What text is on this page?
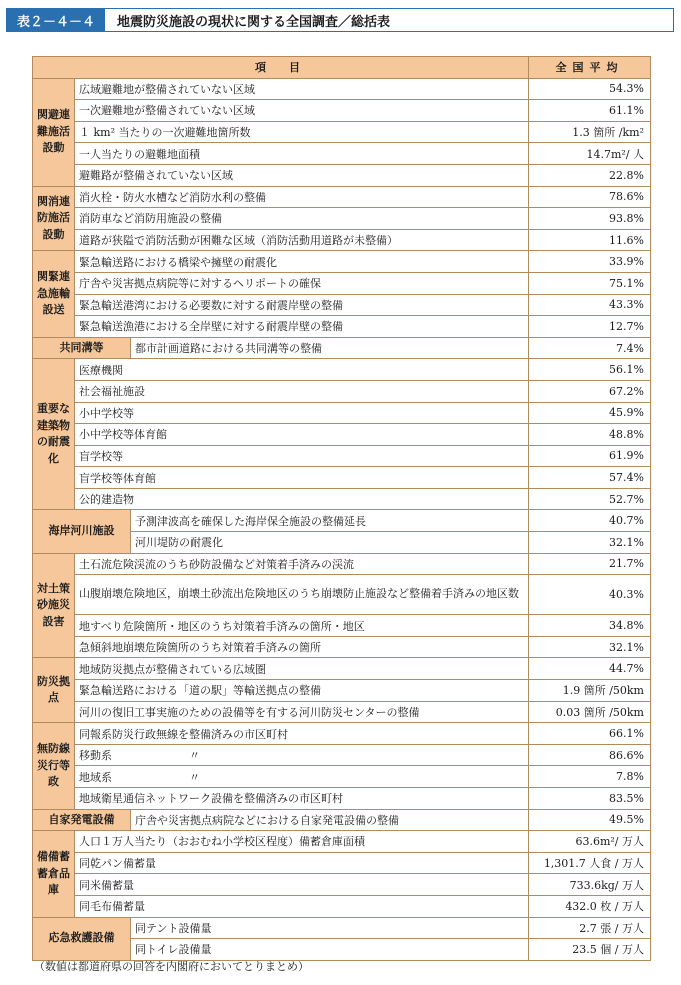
表２－４－４	地震防災施設の現状に関する全国調査／総括表
項　目			全国平均
関避連難施活設動	広域避難地が整備されていない区域		54.3%
	一次避難地が整備されていない区域		61.1%
	１ km² 当たりの一次避難地箇所数		1.3 箇所 /km²
	一人当たりの避難地面積		14.7m²/ 人
	避難路が整備されていない区域		22.8%
関消連防施活設動	消火栓・防火水槽など消防水利の整備		78.6%
	消防車など消防用施設の整備		93.8%
	道路が狭隘で消防活動が困難な区域（消防活動用道路が未整備）		11.6%
関緊連急施輸設送	緊急輸送路における橋梁や擁壁の耐震化		33.9%
	庁舎や災害拠点病院等に対するヘリポートの確保		75.1%
	緊急輸送港湾における必要数に対する耐震岸壁の整備		43.3%
	緊急輸送漁港における全岸壁に対する耐震岸壁の整備		12.7%
共同溝等		都市計画道路における共同溝等の整備	7.4%
重要な建築物の耐震化	医療機関		56.1%
	社会福祉施設		67.2%
	小中学校等		45.9%
	小中学校等体育館		48.8%
	盲学校等		61.9%
	盲学校等体育館		57.4%
	公的建造物		52.7%
海岸河川施設		予測津波高を確保した海岸保全施設の整備延長	40.7%
		河川堤防の耐震化	32.1%
対土策砂施災設害	土石流危険渓流のうち砂防設備など対策着手済みの渓流		21.7%
	山腹崩壊危険地区，崩壊土砂流出危険地区のうち崩壊防止施設など整備着手済みの地区数		40.3%
	地すべり危険箇所・地区のうち対策着手済みの箇所・地区		34.8%
	急傾斜地崩壊危険箇所のうち対策着手済みの箇所		32.1%
防災拠点	地域防災拠点が整備されている広域圏		44.7%
	緊急輸送路における「道の駅」等輸送拠点の整備		1.9 箇所 /50km
	河川の復旧工事実施のための設備等を有する河川防災センターの整備		0.03 箇所 /50km
無防線災行等政	同報系防災行政無線を整備済みの市区町村		66.1%
	移動系　　　　　　　〃		86.6%
	地域系　　　　　　　〃		7.8%
	地域衛星通信ネットワーク設備を整備済みの市区町村		83.5%
自家発電設備		庁舎や災害拠点病院などにおける自家発電設備の整備	49.5%
備備蓄蓄倉品庫	人口１万人当たり（おおむね小学校区程度）備蓄倉庫面積		63.6m²/ 万人
	同乾パン備蓄量		1,301.7 人食 / 万人
	同米備蓄量		733.6kg/ 万人
	同毛布備蓄量		432.0 枚 / 万人
応急救護設備		同テント設備量	2.7 張 / 万人
		同トイレ設備量	23.5 個 / 万人
（数値は都道府県の回答を内閣府においてとりまとめ）
